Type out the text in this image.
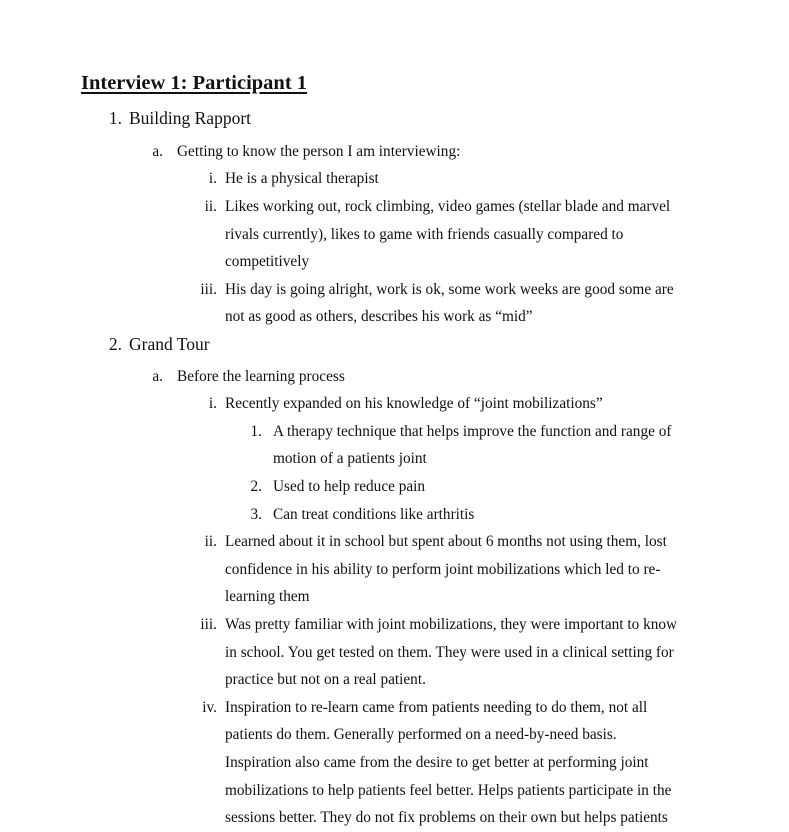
Interview 1: Participant 1
1. Building Rapport
a. Getting to know the person I am interviewing:
i. He is a physical therapist
ii. Likes working out, rock climbing, video games (stellar blade and marvel
rivals currently), likes to game with friends casually compared to
competitively
iii. His day is going alright, work is ok, some work weeks are good some are
not as good as others, describes his work as “mid”
2. Grand Tour
a. Before the learning process
i. Recently expanded on his knowledge of “joint mobilizations”
1. A therapy technique that helps improve the function and range of
motion of a patients joint
2. Used to help reduce pain
3. Can treat conditions like arthritis
ii. Learned about it in school but spent about 6 months not using them, lost
confidence in his ability to perform joint mobilizations which led to re-
learning them
iii. Was pretty familiar with joint mobilizations, they were important to know
in school. You get tested on them. They were used in a clinical setting for
practice but not on a real patient.
iv. Inspiration to re-learn came from patients needing to do them, not all
patients do them. Generally performed on a need-by-need basis.
Inspiration also came from the desire to get better at performing joint
mobilizations to help patients feel better. Helps patients participate in the
sessions better. They do not fix problems on their own but helps patients
